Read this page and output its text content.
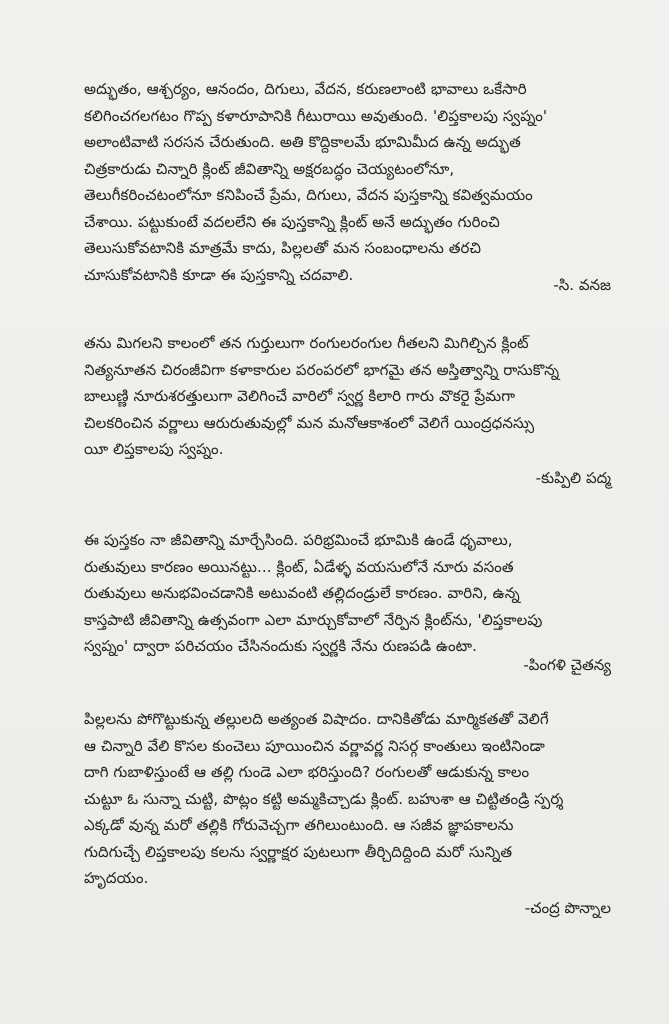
అద్భుతం, ఆశ్చర్యం, ఆనందం, దిగులు, వేదన, కరుణలాంటి భావాలు ఒకేసారి
కలిగించగలగటం గొప్ప కళారూపానికి గీటురాయి అవుతుంది. 'లిప్తకాలపు స్వప్నం'
అలాంటివాటి సరసన చేరుతుంది. అతి కొద్దికాలమే భూమిమీద ఉన్న అద్భుత
చిత్రకారుడు చిన్నారి క్లింట్ జీవితాన్ని అక్షరబద్ధం చెయ్యటంలోనూ,
తెలుగీకరించటంలోనూ కనిపించే ప్రేమ, దిగులు, వేదన పుస్తకాన్ని కవిత్వమయం
చేశాయి. పట్టుకుంటే వదలలేని ఈ పుస్తకాన్ని క్లింట్ అనే అద్భుతం గురించి
తెలుసుకోవటానికి మాత్రమే కాదు, పిల్లలతో మన సంబంధాలను తరచి
చూసుకోవటానికి కూడా ఈ పుస్తకాన్ని చదవాలి.

-సి. వనజ

తను మిగలని కాలంలో తన గుర్తులుగా రంగులరంగుల గీతలని మిగిల్చిన క్లింట్
నిత్యనూతన చిరంజీవిగా కళాకారుల పరంపరలో భాగమై తన అస్తిత్వాన్ని రాసుకొన్న
బాలుణ్ణి నూరుశరత్తులుగా వెలిగించే వారిలో స్వర్ణ కిలారి గారు వొకరై ప్రేమగా
చిలకరించిన వర్ణాలు ఆరురుతువుల్లో మన మనోఆకాశంలో వెలిగే యింద్రధనస్సు
యీ లిప్తకాలపు స్వప్నం.

-కుప్పిలి పద్మ

ఈ పుస్తకం నా జీవితాన్ని మార్చేసింది. పరిభ్రమించే భూమికి ఉండే ధృవాలు,
రుతువులు కారణం అయినట్టు... క్లింట్, ఏడేళ్ళ వయసులోనే నూరు వసంత
రుతువులు అనుభవించడానికి అటువంటి తల్లిదండ్రులే కారణం. వారిని, ఉన్న
కాస్తపాటి జీవితాన్ని ఉత్సవంగా ఎలా మార్చుకోవాలో నేర్పిన క్లింట్‌ను, 'లిప్తకాలపు
స్వప్నం' ద్వారా పరిచయం చేసినందుకు స్వర్ణకి నేను రుణపడి ఉంటా.

-పింగళి చైతన్య

పిల్లలను పోగొట్టుకున్న తల్లులది అత్యంత విషాదం. దానికితోడు మార్మికతతో వెలిగే
ఆ చిన్నారి వేలి కొసల కుంచెలు పూయించిన వర్ణావర్ణ నిసర్గ కాంతులు ఇంటినిండా
దాగి గుబాళిస్తుంటే ఆ తల్లి గుండె ఎలా భరిస్తుంది? రంగులతో ఆడుకున్న కాలం
చుట్టూ ఓ సున్నా చుట్టి, పొట్లం కట్టి అమ్మకిచ్చాడు క్లింట్. బహుశా ఆ చిట్టితండ్రి స్పర్శ
ఎక్కడో వున్న మరో తల్లికి గోరువెచ్చగా తగిలుంటుంది. ఆ సజీవ జ్ఞాపకాలను
గుదిగుచ్చే లిప్తకాలపు కలను స్వర్ణాక్షర పుటలుగా తీర్చిదిద్దింది మరో సున్నిత
హృదయం.

-చంద్ర పొన్నాల
